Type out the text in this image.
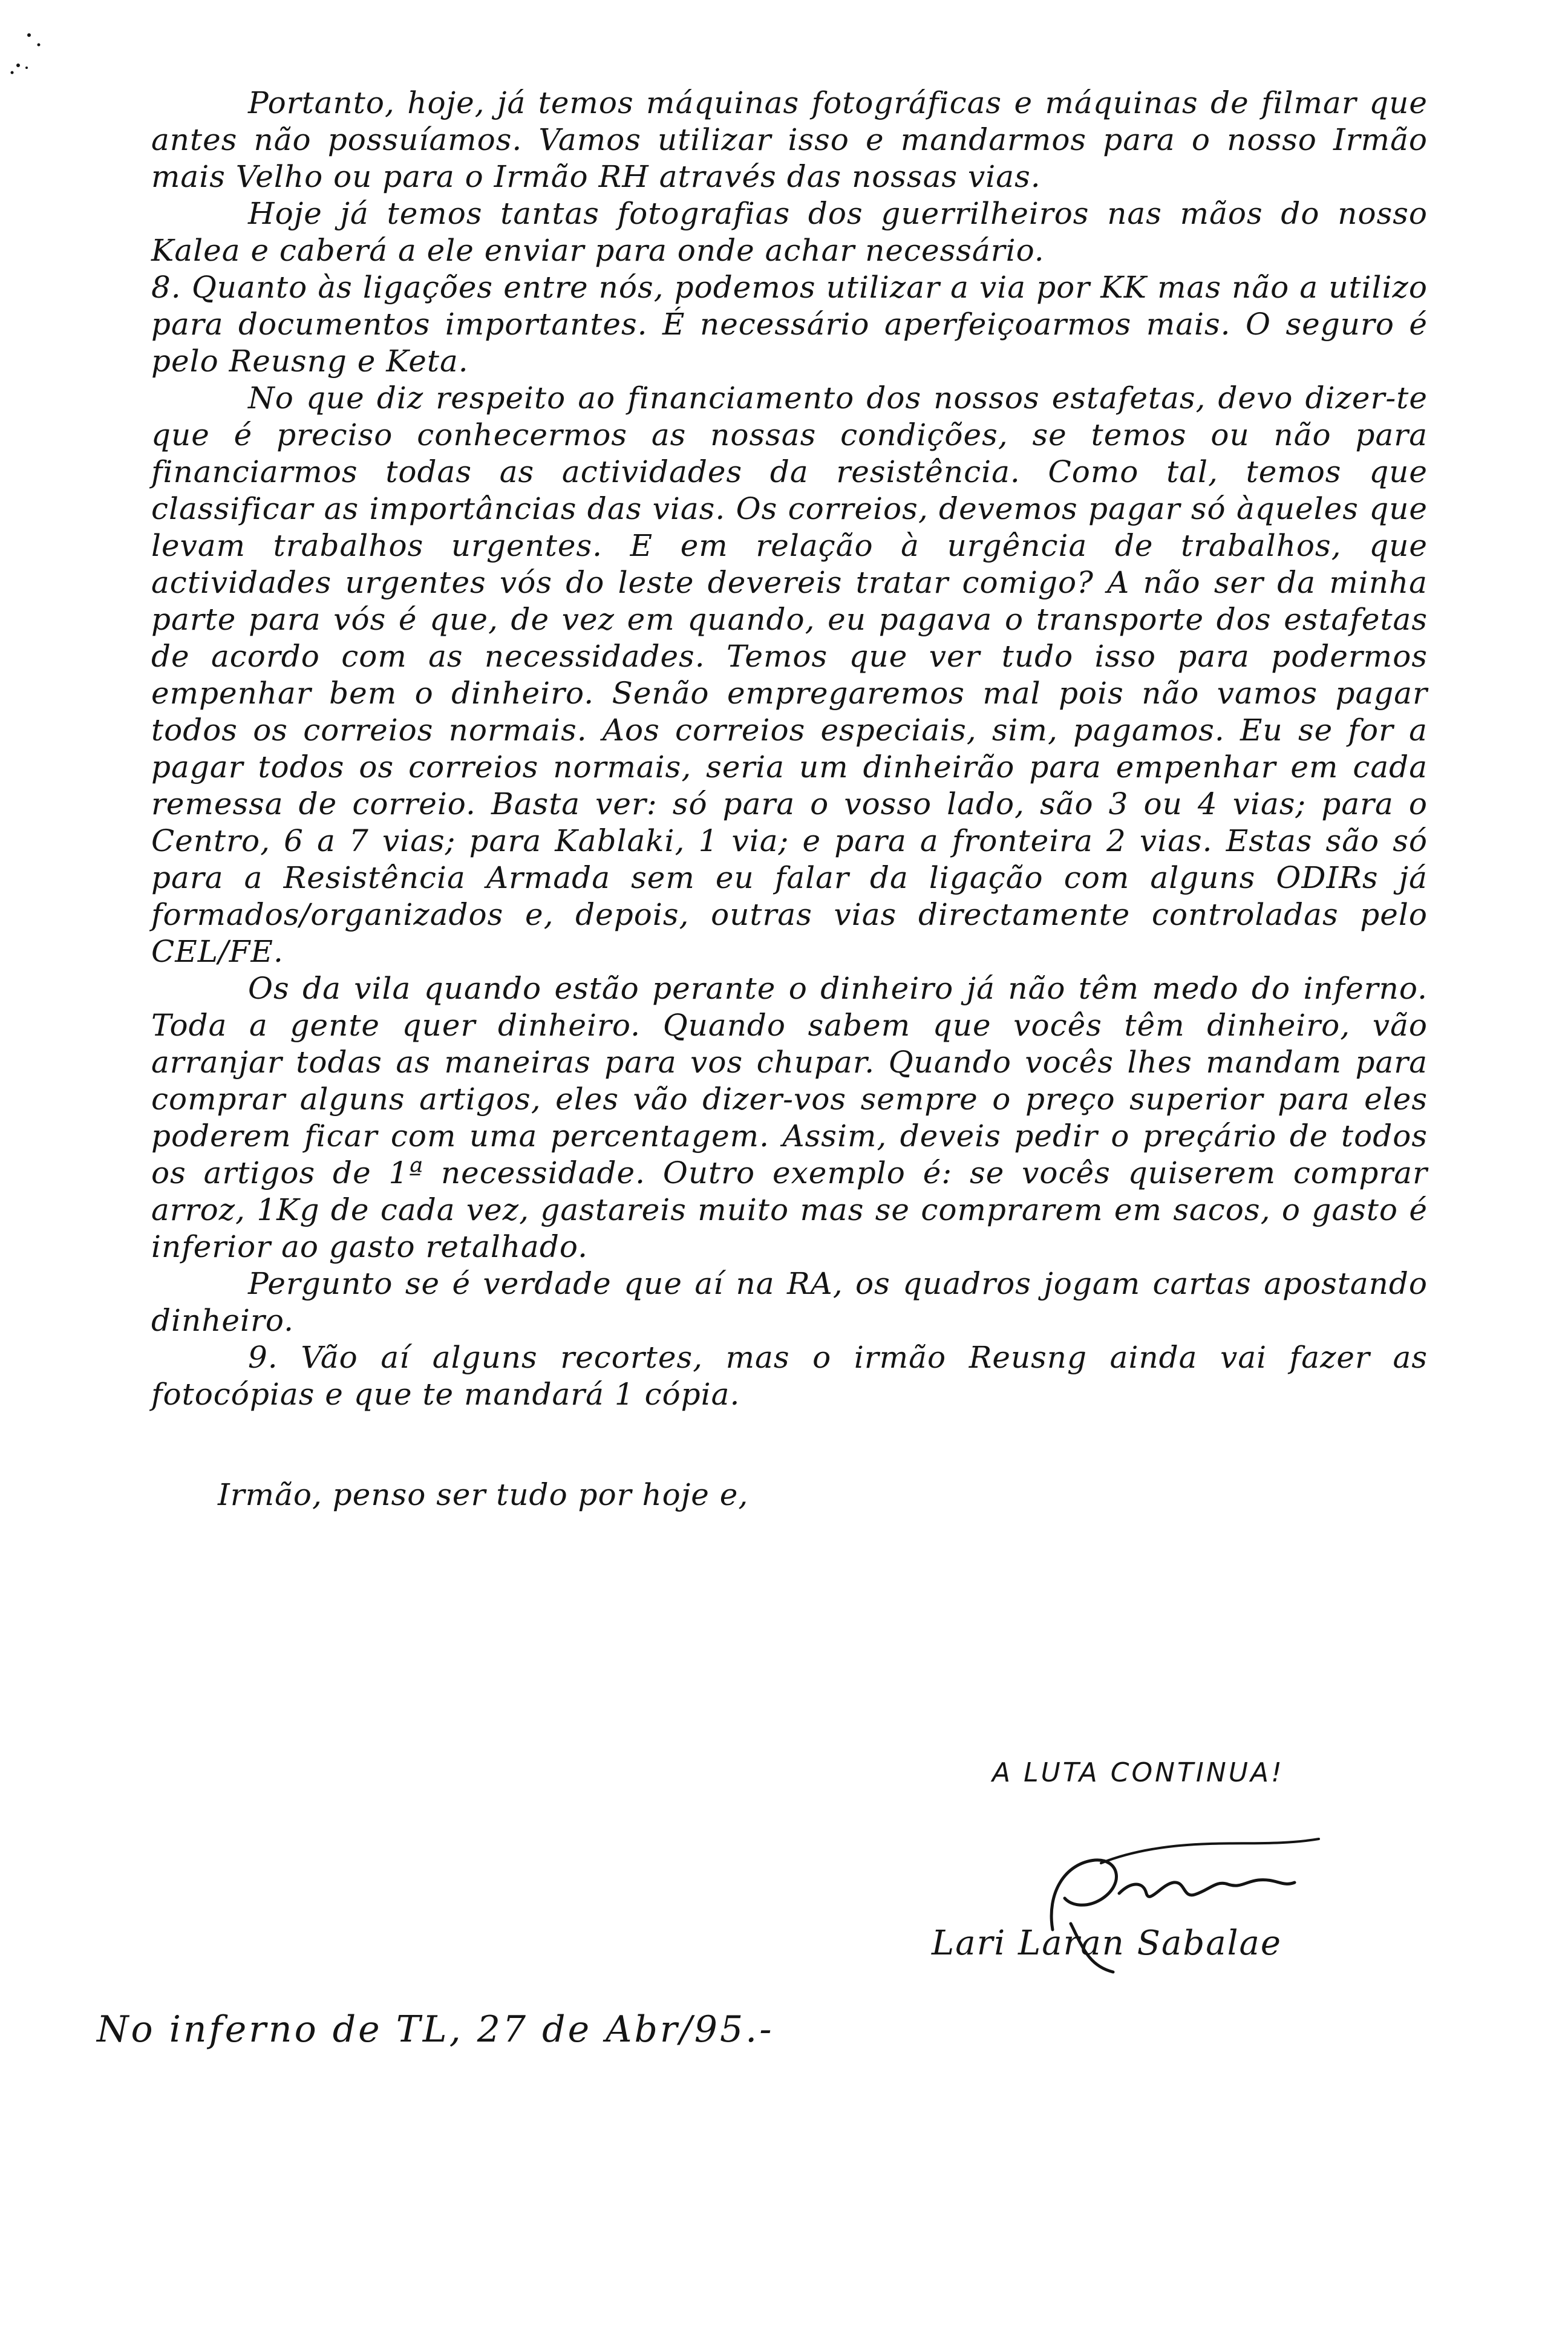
Portanto, hoje, já temos máquinas fotográficas e máquinas de filmar que antes não possuíamos. Vamos utilizar isso e mandarmos para o nosso Irmão mais Velho ou para o Irmão RH através das nossas vias.

Hoje já temos tantas fotografias dos guerrilheiros nas mãos do nosso Kalea e caberá a ele enviar para onde achar necessário.

8. Quanto às ligações entre nós, podemos utilizar a via por KK mas não a utilizo para documentos importantes. É necessário aperfeiçoarmos mais. O seguro é pelo Reusng e Keta.

No que diz respeito ao financiamento dos nossos estafetas, devo dizer-te que é preciso conhecermos as nossas condições, se temos ou não para financiarmos todas as actividades da resistência. Como tal, temos que classificar as importâncias das vias. Os correios, devemos pagar só àqueles que levam trabalhos urgentes. E em relação à urgência de trabalhos, que actividades urgentes vós do leste devereis tratar comigo? A não ser da minha parte para vós é que, de vez em quando, eu pagava o transporte dos estafetas de acordo com as necessidades. Temos que ver tudo isso para podermos empenhar bem o dinheiro. Senão empregaremos mal pois não vamos pagar todos os correios normais. Aos correios especiais, sim, pagamos. Eu se for a pagar todos os correios normais, seria um dinheirão para empenhar em cada remessa de correio. Basta ver: só para o vosso lado, são 3 ou 4 vias; para o Centro, 6 a 7 vias; para Kablaki, 1 via; e para a fronteira 2 vias. Estas são só para a Resistência Armada sem eu falar da ligação com alguns ODIRs já formados/organizados e, depois, outras vias directamente controladas pelo CEL/FE.

Os da vila quando estão perante o dinheiro já não têm medo do inferno. Toda a gente quer dinheiro. Quando sabem que vocês têm dinheiro, vão arranjar todas as maneiras para vos chupar. Quando vocês lhes mandam para comprar alguns artigos, eles vão dizer-vos sempre o preço superior para eles poderem ficar com uma percentagem. Assim, deveis pedir o preçário de todos os artigos de 1ª necessidade. Outro exemplo é: se vocês quiserem comprar arroz, 1Kg de cada vez, gastareis muito mas se comprarem em sacos, o gasto é inferior ao gasto retalhado.

Pergunto se é verdade que aí na RA, os quadros jogam cartas apostando dinheiro.

9. Vão aí alguns recortes, mas o irmão Reusng ainda vai fazer as fotocópias e que te mandará 1 cópia.

Irmão, penso ser tudo por hoje e,

A LUTA CONTINUA!
Lari Laran Sabalae
No inferno de TL, 27 de Abr/95.-
